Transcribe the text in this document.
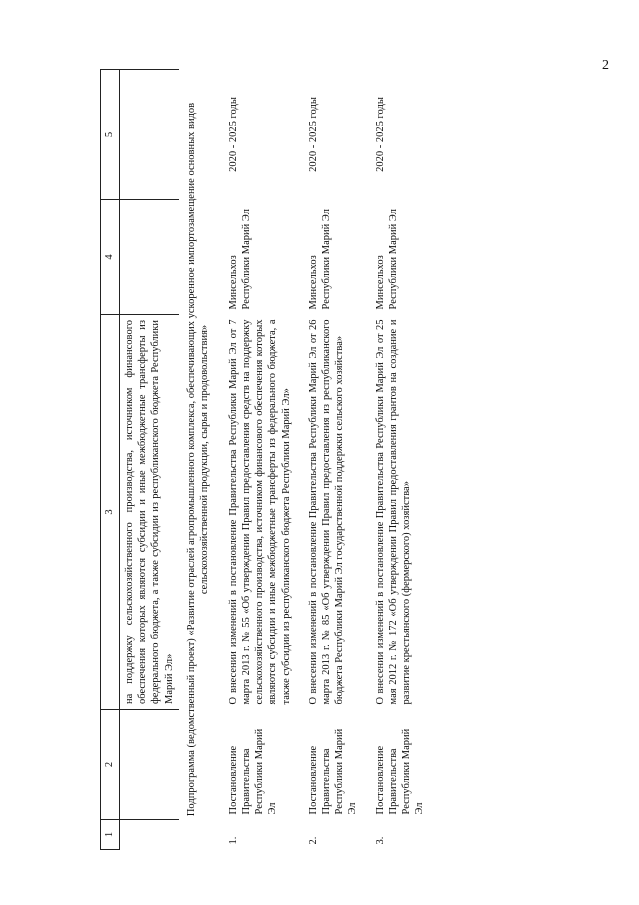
2
1	2	3	4	5
		на поддержку сельскохозяйственного производства, источником финансового обеспечения которых являются субсидии и иные межбюджетные трансферты из федерального бюджета, а также субсидии из республиканского бюджета Республики Марий Эл»		
Подпрограмма (ведомственный проект) «Развитие отраслей агропромышленного комплекса, обеспечивающих ускоренное импортозамещение основных видов сельскохозяйственной продукции, сырья и продовольствия»				
1.	Постановление Правительства Республики Марий Эл	О внесении изменений в постановление Правительства Республики Марий Эл от 7 марта 2013 г. № 55 «Об утверждении Правил предоставления средств на поддержку сельскохозяйственного производства, источником финансового обеспечения которых являются субсидии и иные межбюджетные трансферты из федерального бюджета, а также субсидии из республиканского бюджета Республики Марий Эл»	Минсельхоз Республики Марий Эл	2020 - 2025 годы
2.	Постановление Правительства Республики Марий Эл	О внесении изменений в постановление Правительства Республики Марий Эл от 26 марта 2013 г. № 85 «Об утверждении Правил предоставления из республиканского бюджета Республики Марий Эл государственной поддержки сельского хозяйства»	Минсельхоз Республики Марий Эл	2020 - 2025 годы
3.	Постановление Правительства Республики Марий Эл	О внесении изменений в постановление Правительства Республики Марий Эл от 25 мая 2012 г. № 172 «Об утверждении Правил предоставления грантов на создание и развитие крестьянского (фермерского) хозяйства»	Минсельхоз Республики Марий Эл	2020 - 2025 годы
